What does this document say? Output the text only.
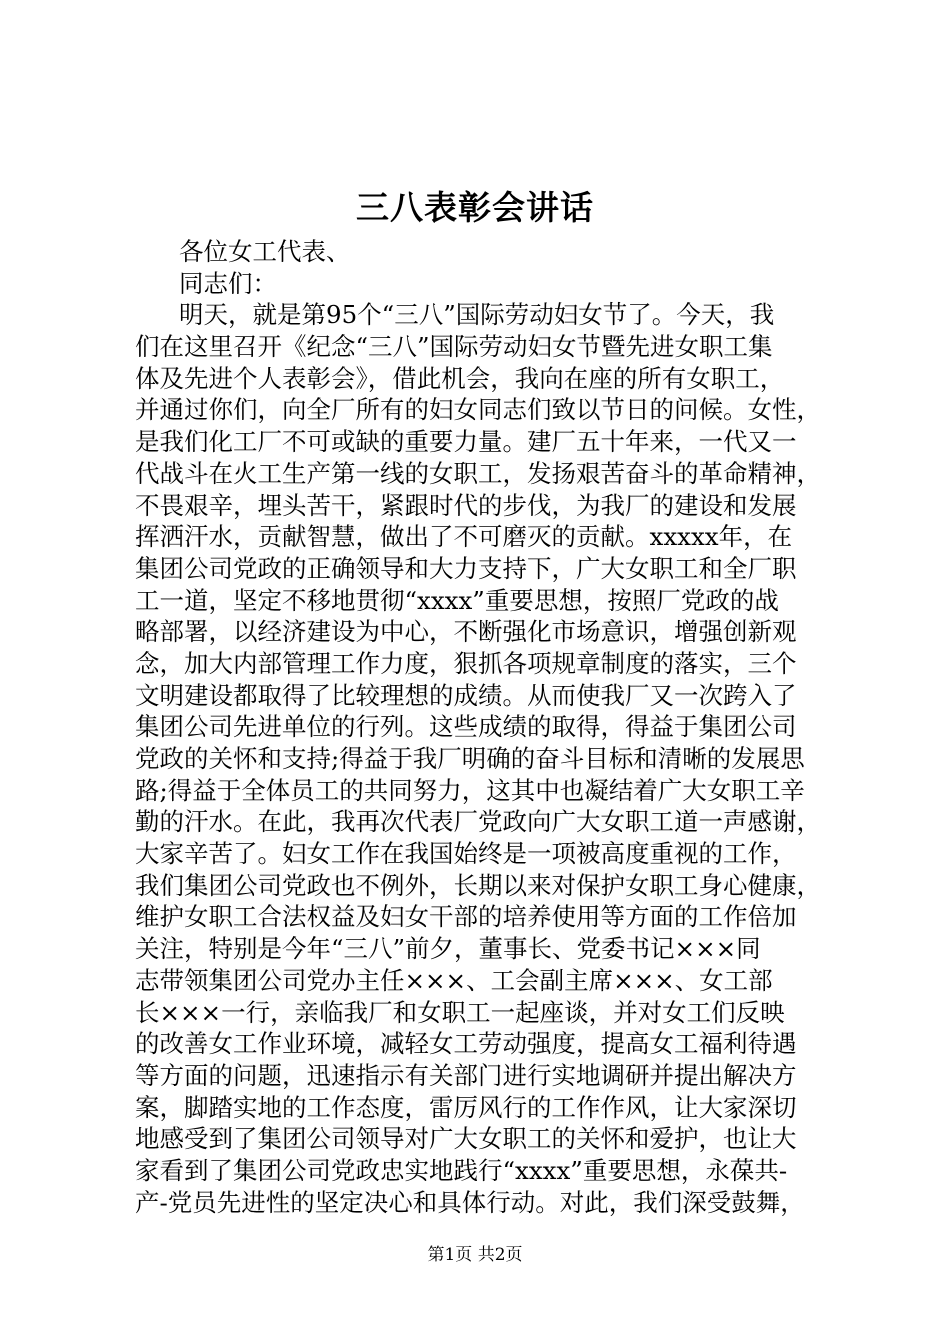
三八表彰会讲话
各位女工代表、
同志们：
明天，就是第95个“三八”国际劳动妇女节了。今天，我
们在这里召开《纪念“三八”国际劳动妇女节暨先进女职工集
体及先进个人表彰会》，借此机会，我向在座的所有女职工，
并通过你们，向全厂所有的妇女同志们致以节日的问候。女性，
是我们化工厂不可或缺的重要力量。建厂五十年来，一代又一
代战斗在火工生产第一线的女职工，发扬艰苦奋斗的革命精神，
不畏艰辛，埋头苦干，紧跟时代的步伐，为我厂的建设和发展
挥洒汗水，贡献智慧，做出了不可磨灭的贡献。xxxxx年，在
集团公司党政的正确领导和大力支持下，广大女职工和全厂职
工一道，坚定不移地贯彻“xxxx”重要思想，按照厂党政的战
略部署，以经济建设为中心，不断强化市场意识，增强创新观
念，加大内部管理工作力度，狠抓各项规章制度的落实，三个
文明建设都取得了比较理想的成绩。从而使我厂又一次跨入了
集团公司先进单位的行列。这些成绩的取得，得益于集团公司
党政的关怀和支持;得益于我厂明确的奋斗目标和清晰的发展思
路;得益于全体员工的共同努力，这其中也凝结着广大女职工辛
勤的汗水。在此，我再次代表厂党政向广大女职工道一声感谢，
大家辛苦了。妇女工作在我国始终是一项被高度重视的工作，
我们集团公司党政也不例外，长期以来对保护女职工身心健康，
维护女职工合法权益及妇女干部的培养使用等方面的工作倍加
关注，特别是今年“三八”前夕，董事长、党委书记×××同
志带领集团公司党办主任×××、工会副主席×××、女工部
长×××一行，亲临我厂和女职工一起座谈，并对女工们反映
的改善女工作业环境，减轻女工劳动强度，提高女工福利待遇
等方面的问题，迅速指示有关部门进行实地调研并提出解决方
案，脚踏实地的工作态度，雷厉风行的工作作风，让大家深切
地感受到了集团公司领导对广大女职工的关怀和爱护，也让大
家看到了集团公司党政忠实地践行“xxxx”重要思想，永葆共-
产-党员先进性的坚定决心和具体行动。对此，我们深受鼓舞，
第1页 共2页
